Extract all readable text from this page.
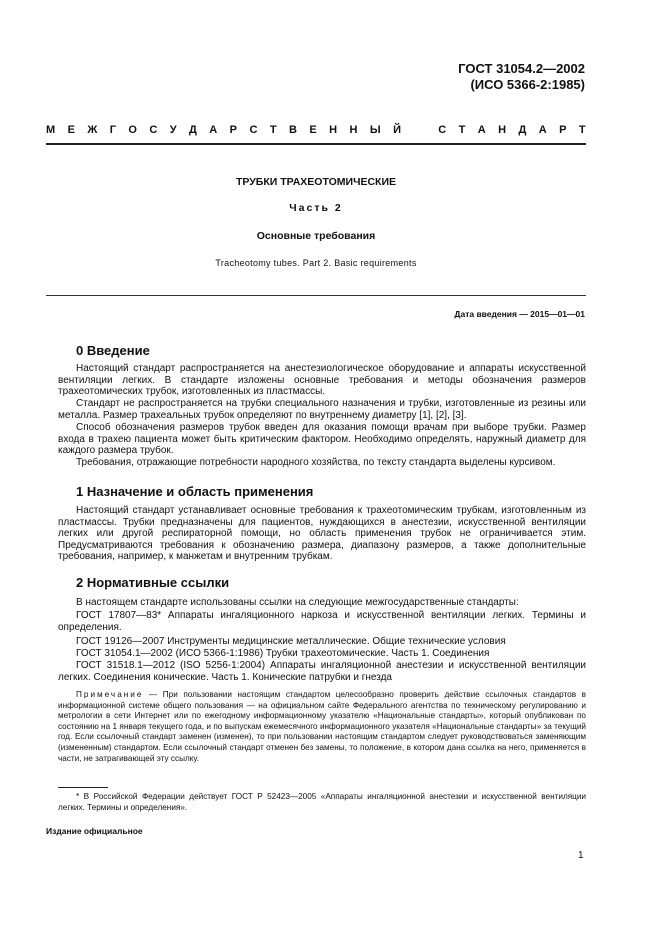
ГОСТ 31054.2—2002
(ИСО 5366-2:1985)
М Е Ж Г О С У Д А Р С Т В Е Н Н Ы Й	С Т А Н Д А Р Т
ТРУБКИ ТРАХЕОТОМИЧЕСКИЕ
Часть 2
Основные требования
Tracheotomy tubes. Part 2. Basic requirements
Дата введения — 2015—01—01
0 Введение
Настоящий стандарт распространяется на анестезиологическое оборудование и аппараты искусственной вентиляции легких. В стандарте изложены основные требования и методы обозначения размеров трахеотомических трубок, изготовленных из пластмассы.
Стандарт не распространяется на трубки специального назначения и трубки, изготовленные из резины или металла. Размер трахеальных трубок определяют по внутреннему диаметру [1], [2], [3].
Способ обозначения размеров трубок введен для оказания помощи врачам при выборе трубки. Размер входа в трахею пациента может быть критическим фактором. Необходимо определять, наружный диаметр для каждого размера трубок.
Требования, отражающие потребности народного хозяйства, по тексту стандарта выделены курсивом.
1 Назначение и область применения
Настоящий стандарт устанавливает основные требования к трахеотомическим трубкам, изготовленным из пластмассы. Трубки предназначены для пациентов, нуждающихся в анестезии, искусственной вентиляции легких или другой респираторной помощи, но область применения трубок не ограничивается этим. Предусматриваются требования к обозначению размера, диапазону размеров, а также дополнительные требования, например, к манжетам и внутренним трубкам.
2 Нормативные ссылки
В настоящем стандарте использованы ссылки на следующие межгосударственные стандарты:
ГОСТ 17807—83* Аппараты ингаляционного наркоза и искусственной вентиляции легких. Термины и определения.
ГОСТ 19126—2007 Инструменты медицинские металлические. Общие технические условия
ГОСТ 31054.1—2002 (ИСО 5366-1:1986) Трубки трахеотомические. Часть 1. Соединения
ГОСТ 31518.1—2012 (ISO 5256-1:2004) Аппараты ингаляционной анестезии и искусственной вентиляции легких. Соединения конические. Часть 1. Конические патрубки и гнезда
Примечание — При пользовании настоящим стандартом целесообразно проверить действие ссылочных стандартов в информационной системе общего пользования — на официальном сайте Федерального агентства по техническому регулированию и метрологии в сети Интернет или по ежегодному информационному указателю «Национальные стандарты», который опубликован по состоянию на 1 января текущего года, и по выпускам ежемесячного информационного указателя «Национальные стандарты» за текущий год. Если ссылочный стандарт заменен (изменен), то при пользовании настоящим стандартом следует руководствоваться заменяющим (измененным) стандартом. Если ссылочный стандарт отменен без замены, то положение, в котором дана ссылка на него, применяется в части, не затрагивающей эту ссылку.
* В Российской Федерации действует ГОСТ Р 52423—2005 «Аппараты ингаляционной анестезии и искусственной вентиляции легких. Термины и определения».
Издание официальное
1
